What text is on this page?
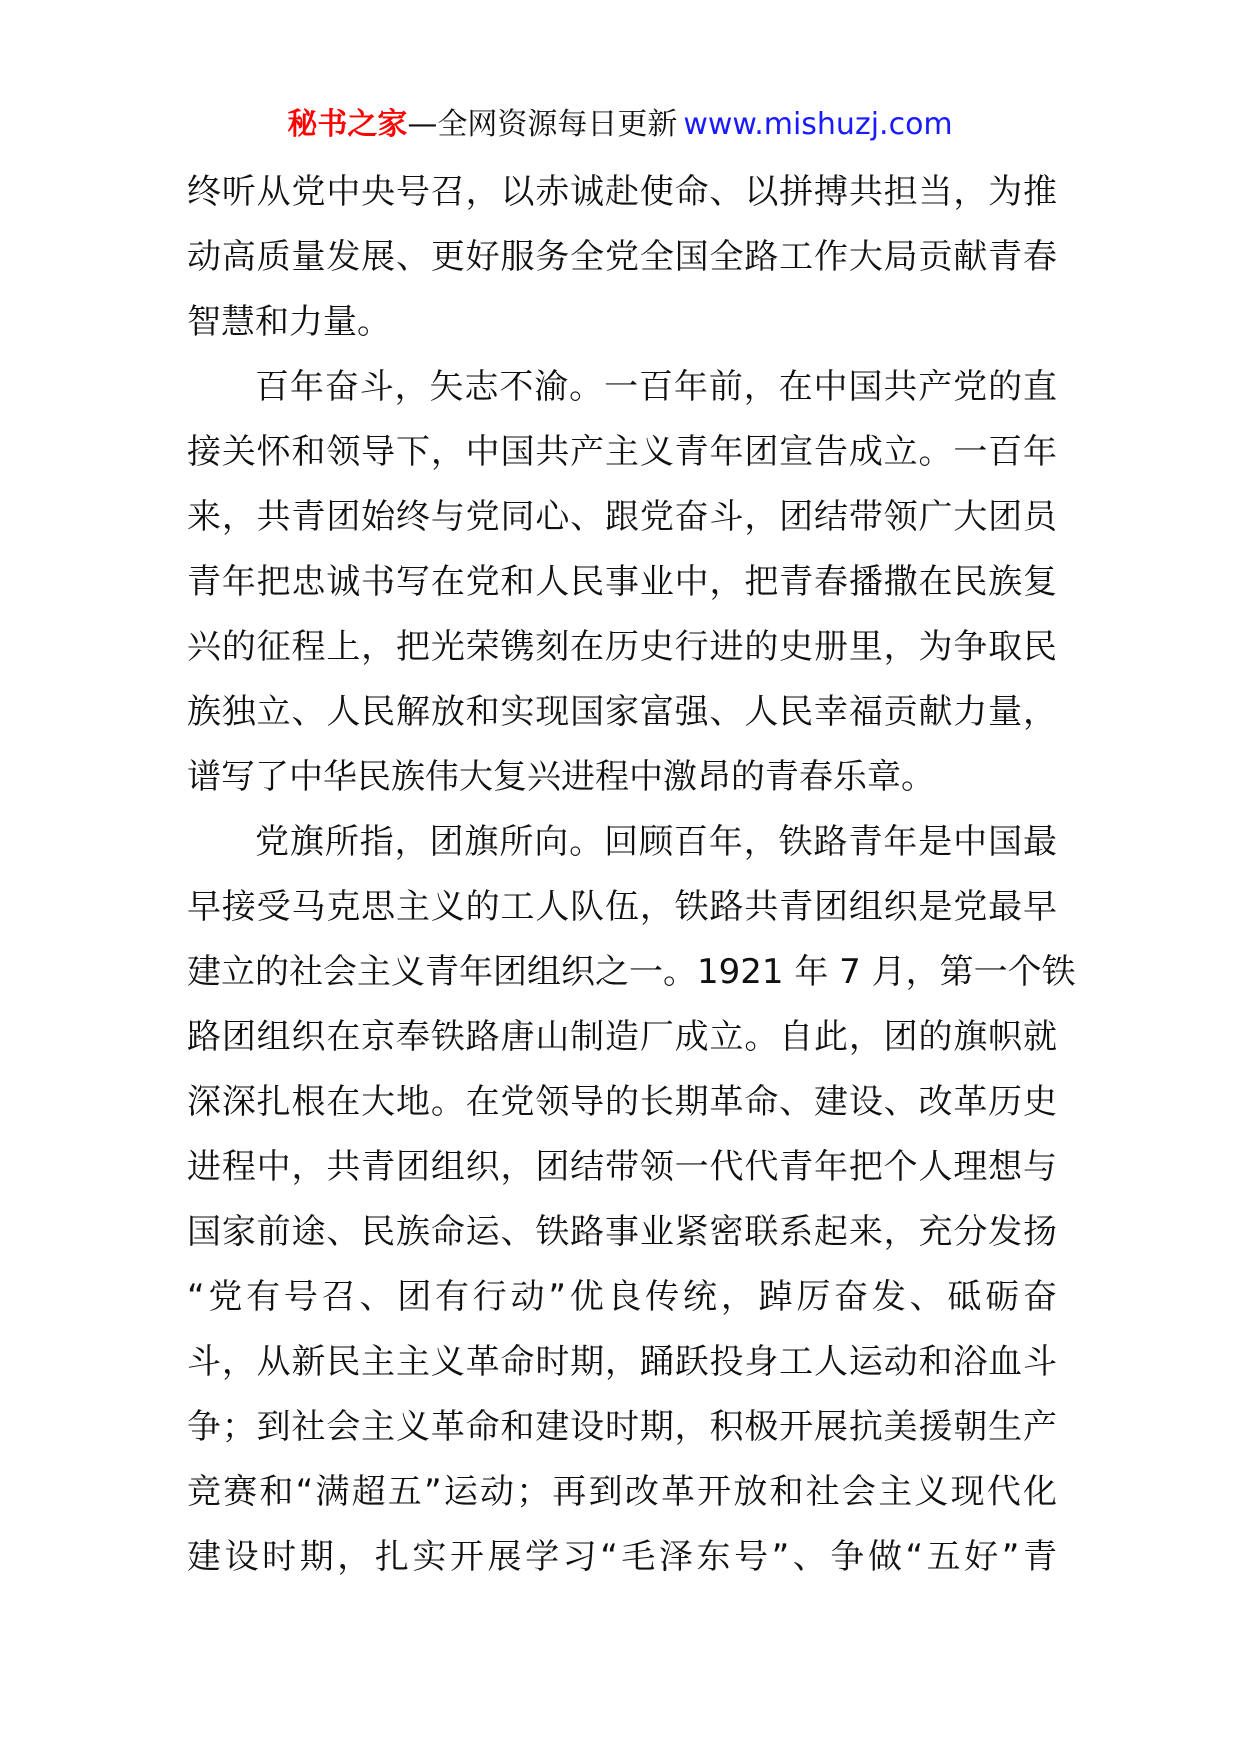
秘书之家—全网资源每日更新 www.mishuzj.com
终听从党中央号召，以赤诚赴使命、以拼搏共担当，为推
动高质量发展、更好服务全党全国全路工作大局贡献青春
智慧和力量。
百年奋斗，矢志不渝。一百年前，在中国共产党的直
接关怀和领导下，中国共产主义青年团宣告成立。一百年
来，共青团始终与党同心、跟党奋斗，团结带领广大团员
青年把忠诚书写在党和人民事业中，把青春播撒在民族复
兴的征程上，把光荣镌刻在历史行进的史册里，为争取民
族独立、人民解放和实现国家富强、人民幸福贡献力量，
谱写了中华民族伟大复兴进程中激昂的青春乐章。
党旗所指，团旗所向。回顾百年，铁路青年是中国最
早接受马克思主义的工人队伍，铁路共青团组织是党最早
建立的社会主义青年团组织之一。1921 年 7 月，第一个铁
路团组织在京奉铁路唐山制造厂成立。自此，团的旗帜就
深深扎根在大地。在党领导的长期革命、建设、改革历史
进程中，共青团组织，团结带领一代代青年把个人理想与
国家前途、民族命运、铁路事业紧密联系起来，充分发扬
“党有号召、团有行动”优良传统，踔厉奋发、砥砺奋
斗，从新民主主义革命时期，踊跃投身工人运动和浴血斗
争；到社会主义革命和建设时期，积极开展抗美援朝生产
竞赛和“满超五”运动；再到改革开放和社会主义现代化
建设时期，扎实开展学习“毛泽东号”、争做“五好”青
